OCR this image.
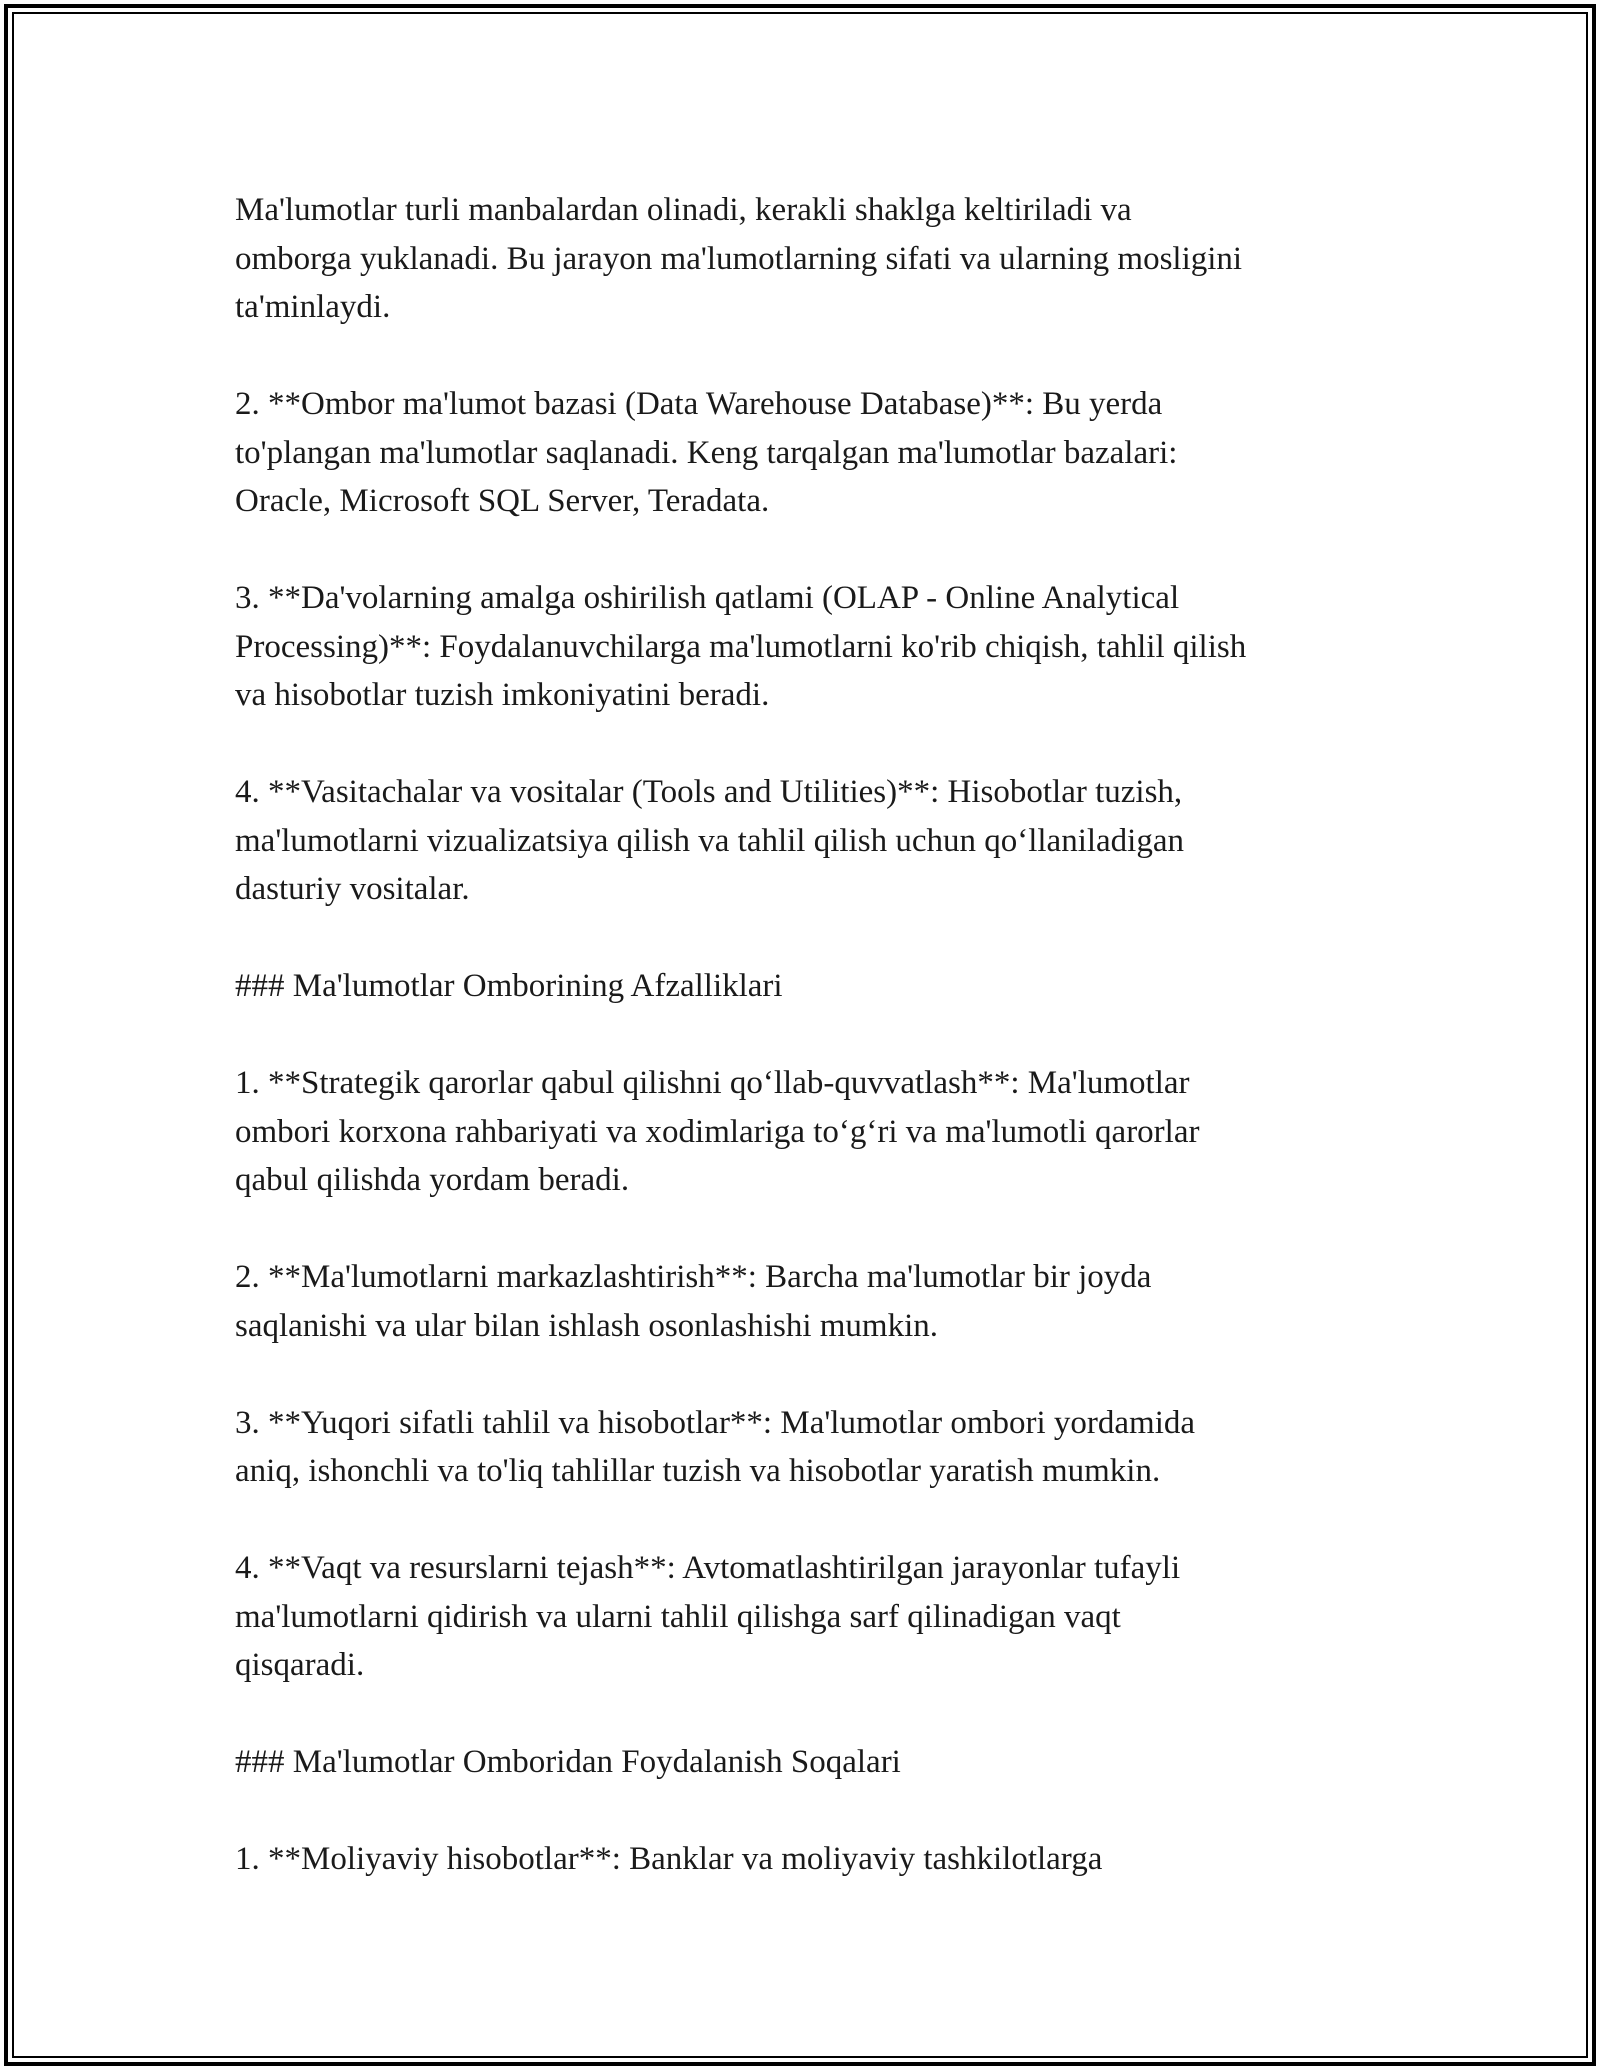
Ma'lumotlar turli manbalardan olinadi, kerakli shaklga keltiriladi va
omborga yuklanadi. Bu jarayon ma'lumotlarning sifati va ularning mosligini
ta'minlaydi.

2. **Ombor ma'lumot bazasi (Data Warehouse Database)**: Bu yerda
to'plangan ma'lumotlar saqlanadi. Keng tarqalgan ma'lumotlar bazalari:
Oracle, Microsoft SQL Server, Teradata.

3. **Da'volarning amalga oshirilish qatlami (OLAP - Online Analytical
Processing)**: Foydalanuvchilarga ma'lumotlarni ko'rib chiqish, tahlil qilish
va hisobotlar tuzish imkoniyatini beradi.

4. **Vasitachalar va vositalar (Tools and Utilities)**: Hisobotlar tuzish,
ma'lumotlarni vizualizatsiya qilish va tahlil qilish uchun qo‘llaniladigan
dasturiy vositalar.

### Ma'lumotlar Omborining Afzalliklari

1. **Strategik qarorlar qabul qilishni qo‘llab-quvvatlash**: Ma'lumotlar
ombori korxona rahbariyati va xodimlariga to‘g‘ri va ma'lumotli qarorlar
qabul qilishda yordam beradi.

2. **Ma'lumotlarni markazlashtirish**: Barcha ma'lumotlar bir joyda
saqlanishi va ular bilan ishlash osonlashishi mumkin.

3. **Yuqori sifatli tahlil va hisobotlar**: Ma'lumotlar ombori yordamida
aniq, ishonchli va to'liq tahlillar tuzish va hisobotlar yaratish mumkin.

4. **Vaqt va resurslarni tejash**: Avtomatlashtirilgan jarayonlar tufayli
ma'lumotlarni qidirish va ularni tahlil qilishga sarf qilinadigan vaqt
qisqaradi.

### Ma'lumotlar Omboridan Foydalanish Soqalari

1. **Moliyaviy hisobotlar**: Banklar va moliyaviy tashkilotlarga
